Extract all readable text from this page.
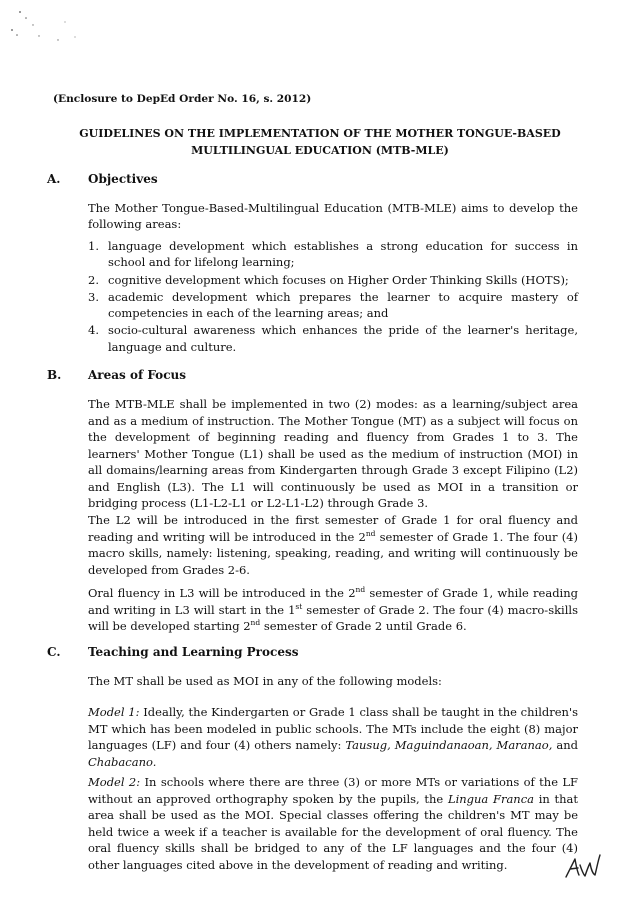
(Enclosure to DepEd Order No. 16, s. 2012)
GUIDELINES ON THE IMPLEMENTATION OF THE MOTHER TONGUE-BASED
MULTILINGUAL EDUCATION (MTB-MLE)
A. Objectives

The Mother Tongue-Based-Multilingual Education (MTB-MLE) aims to develop the following areas:

1. language development which establishes a strong education for success in school and for lifelong learning;
2. cognitive development which focuses on Higher Order Thinking Skills (HOTS);
3. academic development which prepares the learner to acquire mastery of competencies in each of the learning areas; and
4. socio-cultural awareness which enhances the pride of the learner's heritage, language and culture.
B. Areas of Focus

The MTB-MLE shall be implemented in two (2) modes: as a learning/subject area and as a medium of instruction. The Mother Tongue (MT) as a subject will focus on the development of beginning reading and fluency from Grades 1 to 3. The learners' Mother Tongue (L1) shall be used as the medium of instruction (MOI) in all domains/learning areas from Kindergarten through Grade 3 except Filipino (L2) and English (L3). The L1 will continuously be used as MOI in a transition or bridging process (L1-L2-L1 or L2-L1-L2) through Grade 3.

The L2 will be introduced in the first semester of Grade 1 for oral fluency and reading and writing will be introduced in the 2nd semester of Grade 1. The four (4) macro skills, namely: listening, speaking, reading, and writing will continuously be developed from Grades 2-6.

Oral fluency in L3 will be introduced in the 2nd semester of Grade 1, while reading and writing in L3 will start in the 1st semester of Grade 2. The four (4) macro-skills will be developed starting 2nd semester of Grade 2 until Grade 6.

C. Teaching and Learning Process

The MT shall be used as MOI in any of the following models:

Model 1: Ideally, the Kindergarten or Grade 1 class shall be taught in the children's MT which has been modeled in public schools. The MTs include the eight (8) major languages (LF) and four (4) others namely: Tausug, Maguindanaoan, Maranao, and Chabacano.

Model 2: In schools where there are three (3) or more MTs or variations of the LF without an approved orthography spoken by the pupils, the Lingua Franca in that area shall be used as the MOI. Special classes offering the children's MT may be held twice a week if a teacher is available for the development of oral fluency. The oral fluency skills shall be bridged to any of the LF languages and the four (4) other languages cited above in the development of reading and writing.
